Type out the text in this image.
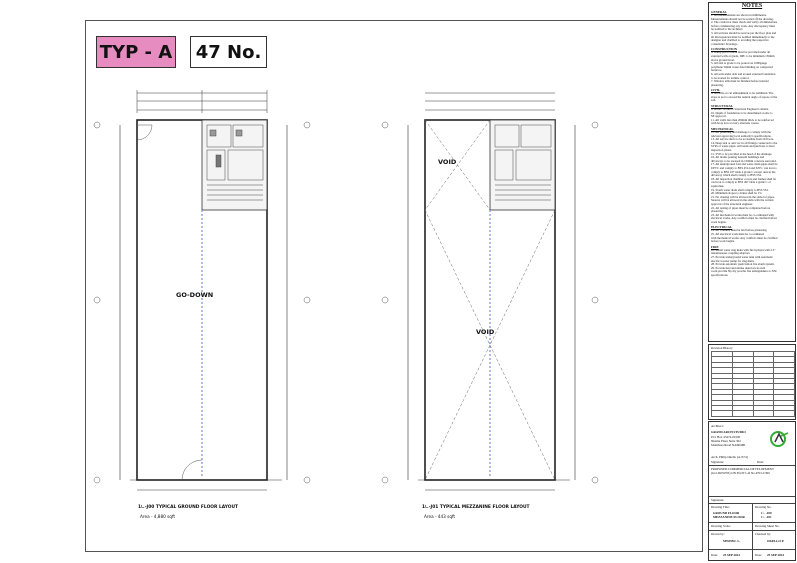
TYP - A	47 No.
GO-DOWN
1∟-J00 TYPICAL GROUND FLOOR LAYOUT
Area - 4,880 sqft
VOID
VOID
1∟-J01 TYPICAL MEZZANINE FLOOR LAYOUT
Area - 443 sqft
NOTES
GENERAL
1. All measurements are shown in millimeters.
Measurements should not be scaled off the drawing.
2. The contractor must check and verify all dimensions
before commencing any work. Any discrepancy must
be notified to the architect.
3. All sections should be read as per the floor plan and
all discrepancies must be notified immediately to the
designer and clarified to avoiding the respective
consultants' drawings.
CONSTRUCTION
4. Damp proof course must be provided under all
external walls at grade, DPC to be minimum 150mm
above ground level.
5. All slab at grade to be poured on 1000gauge
polythene 50mm waste dust blinding on compacted
hardcore.
6. All soils under slab and around external foundation
to be treated for termite control.
7. Window sills must be finished before internal
plastering.
CIVIL
8. All soils on cut embankment to be stabilized. The
slope is not to exceed the natural angle of repose of the
soil.
STRUCTURAL
9. All RC works to Structural Engineer's details.
10. Depth of foundation to be determined on site to
SE approval.
11. All walls less than 200mm thick to be reinforced
with hoop iron at every alternate course.
MECHANICAL
12. All plumbing and drainage to comply with the
relevant approving local authority's specifications.
13. All service ducts to be accessible from all floors.
14. Deep seal or anti vac in all fittings connected to the
SVPs or waste pipes. All bends and junctions to have
inspection plates.
15. SVP to be provided at the head of the drainage.
16. All drains passing beneath buildings and
driveways to be encased in 150mm concrete surround.
17. All underground foul and waste drain pipes shall be
UPVC and comply to BSS 4514 and 3255 / can iron to
comply to BSS 437 table 4 grade C except runs in the
driveway which shall comply to BSS 534.
18. All inspection chamber covers and frames shall be
cast iron to comply to BSS 497 table 4 grade C or
equivalent.
19. Storm water drain shall comply to BSS 534.
20. Minimum slopes to drains shall be 1%.
21. No chasing will be allowed in the slabs for pipes.
Sleeves will be allowed in the slabs with the written
approval of the structural engineer.
22. All testing of pipes must be completed before
plastering.
23. All mechanical works must be co-ordinated with
electrical works. Any conflicts must be clarified before
work begins.
ELECTRICAL
24. All conduits must be laid before plastering.
25. All electrical work must be co-ordinated
with mechanical works. Any conflicts must be clarified
before work begins.
FIRE
26. Install water ring main with fire hydrant with 2.5"
instantaneous coupling adaptors.
27. Provide underground water tank with automatic
electric booster pump for ring main.
28. Provide automatic push button fire alarm system.
29. Provide heat and smoke detectors in each
room provide Np dry powder fire extinguishers to NSI
specifications.
Revision History

Architect:
GRAND ARCH STUDIO
P.O. Box 45474-00100
Nkama Plaza Suite 302
Mombasa Road NAIROBI
Arch. Philip Okello [A1374]
Signature:	Date:
PROPOSED COMMERCIAL DEVELOPMENT
(GO-DOWNS) ON PLOT L.R No.P/9/12/390
Signature:
Drawing Title:	Drawing No.
GROUND FLOOR
MEZZANINE FLOOR
1∟-J00
1∟-J01
Drawing Scale:	Drawing Sheet No.
Drawn by:	Checked by:
MWEBU. L.	OKELLO P.
Date: 25 SEP 2024	Date: 25 SEP 2024
